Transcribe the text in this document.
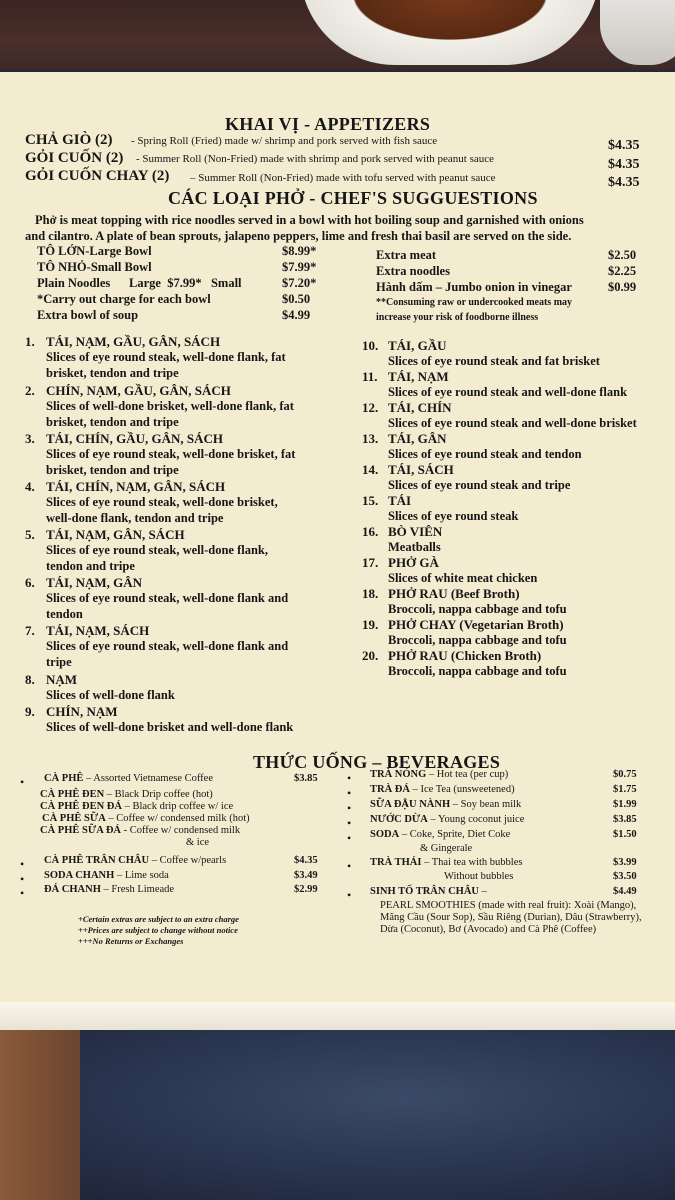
KHAI VỊ - APPETIZERS
CHẢ GIÒ (2) - Spring Roll (Fried) made w/ shrimp and pork served with fish sauce	$4.35
GỎI CUỐN (2) - Summer Roll (Non-Fried) made with shrimp and pork served with peanut sauce	$4.35
GỎI CUỐN CHAY (2) – Summer Roll (Non-Fried) made with tofu served with peanut sauce	$4.35
CÁC LOẠI PHỞ - CHEF'S SUGGUESTIONS
Phở is meat topping with rice noodles served in a bowl with hot boiling soup and garnished with onions
and cilantro. A plate of bean sprouts, jalapeno peppers, lime and fresh thai basil are served on the side.
TÔ LỚN-Large Bowl	$8.99*
TÔ NHỎ-Small Bowl	$7.99*
Plain Noodles      Large  $7.99*   Small	$7.20*
*Carry out charge for each bowl	$0.50
Extra bowl of soup	$4.99
Extra meat	$2.50
Extra noodles	$2.25
Hành dấm – Jumbo onion in vinegar	$0.99
**Consuming raw or undercooked meats may
increase your risk of foodborne illness
1. TÁI, NẠM, GẦU, GÂN, SÁCH
Slices of eye round steak, well-done flank, fat
brisket, tendon and tripe
2. CHÍN, NẠM, GẦU, GÂN, SÁCH
Slices of well-done brisket, well-done flank, fat
brisket, tendon and tripe
3. TÁI, CHÍN, GẦU, GÂN, SÁCH
Slices of eye round steak, well-done brisket, fat
brisket, tendon and tripe
4. TÁI, CHÍN, NẠM, GÂN, SÁCH
Slices of eye round steak, well-done brisket,
well-done flank, tendon and tripe
5. TÁI, NẠM, GÂN, SÁCH
Slices of eye round steak, well-done flank,
tendon and tripe
6. TÁI, NẠM, GÂN
Slices of eye round steak, well-done flank and
tendon
7. TÁI, NẠM, SÁCH
Slices of eye round steak, well-done flank and
tripe
8. NẠM
Slices of well-done flank
9. CHÍN, NẠM
Slices of well-done brisket and well-done flank
10. TÁI, GẦU
Slices of eye round steak and fat brisket
11. TÁI, NẠM
Slices of eye round steak and well-done flank
12. TÁI, CHÍN
Slices of eye round steak and well-done brisket
13. TÁI, GÂN
Slices of eye round steak and tendon
14. TÁI, SÁCH
Slices of eye round steak and tripe
15. TÁI
Slices of eye round steak
16. BÒ VIÊN
Meatballs
17. PHỞ GÀ
Slices of white meat chicken
18. PHỞ RAU (Beef Broth)
Broccoli, nappa cabbage and tofu
19. PHỞ CHAY (Vegetarian Broth)
Broccoli, nappa cabbage and tofu
20. PHỞ RAU (Chicken Broth)
Broccoli, nappa cabbage and tofu
THỨC UỐNG – BEVERAGES
• CÀ PHÊ – Assorted Vietnamese Coffee	$3.85
CÀ PHÊ ĐEN – Black Drip coffee (hot)
CÀ PHÊ ĐEN ĐÁ – Black drip coffee w/ ice
CÀ PHÊ SỮA – Coffee w/ condensed milk (hot)
CÀ PHÊ SỮA ĐÁ - Coffee w/ condensed milk
& ice
• CÀ PHÊ TRÂN CHÂU – Coffee w/pearls	$4.35
• SODA CHANH – Lime soda	$3.49
• ĐÁ CHANH – Fresh Limeade	$2.99
• TRÀ NÓNG – Hot tea (per cup)	$0.75
• TRÀ ĐÁ – Ice Tea (unsweetened)	$1.75
• SỮA ĐẬU NÀNH – Soy bean milk	$1.99
• NƯỚC DỪA – Young coconut juice	$3.85
• SODA – Coke, Sprite, Diet Coke	$1.50
& Gingerale
• TRÀ THÁI – Thai tea with bubbles	$3.99
Without bubbles	$3.50
• SINH TỐ TRÂN CHÂU –	$4.49
PEARL SMOOTHIES (made with real fruit): Xoài (Mango),
Mãng Cầu (Sour Sop), Sầu Riêng (Durian), Dâu (Strawberry),
Dừa (Coconut), Bơ (Avocado) and Cà Phê (Coffee)
+Certain extras are subject to an extra charge
++Prices are subject to change without notice
+++No Returns or Exchanges
